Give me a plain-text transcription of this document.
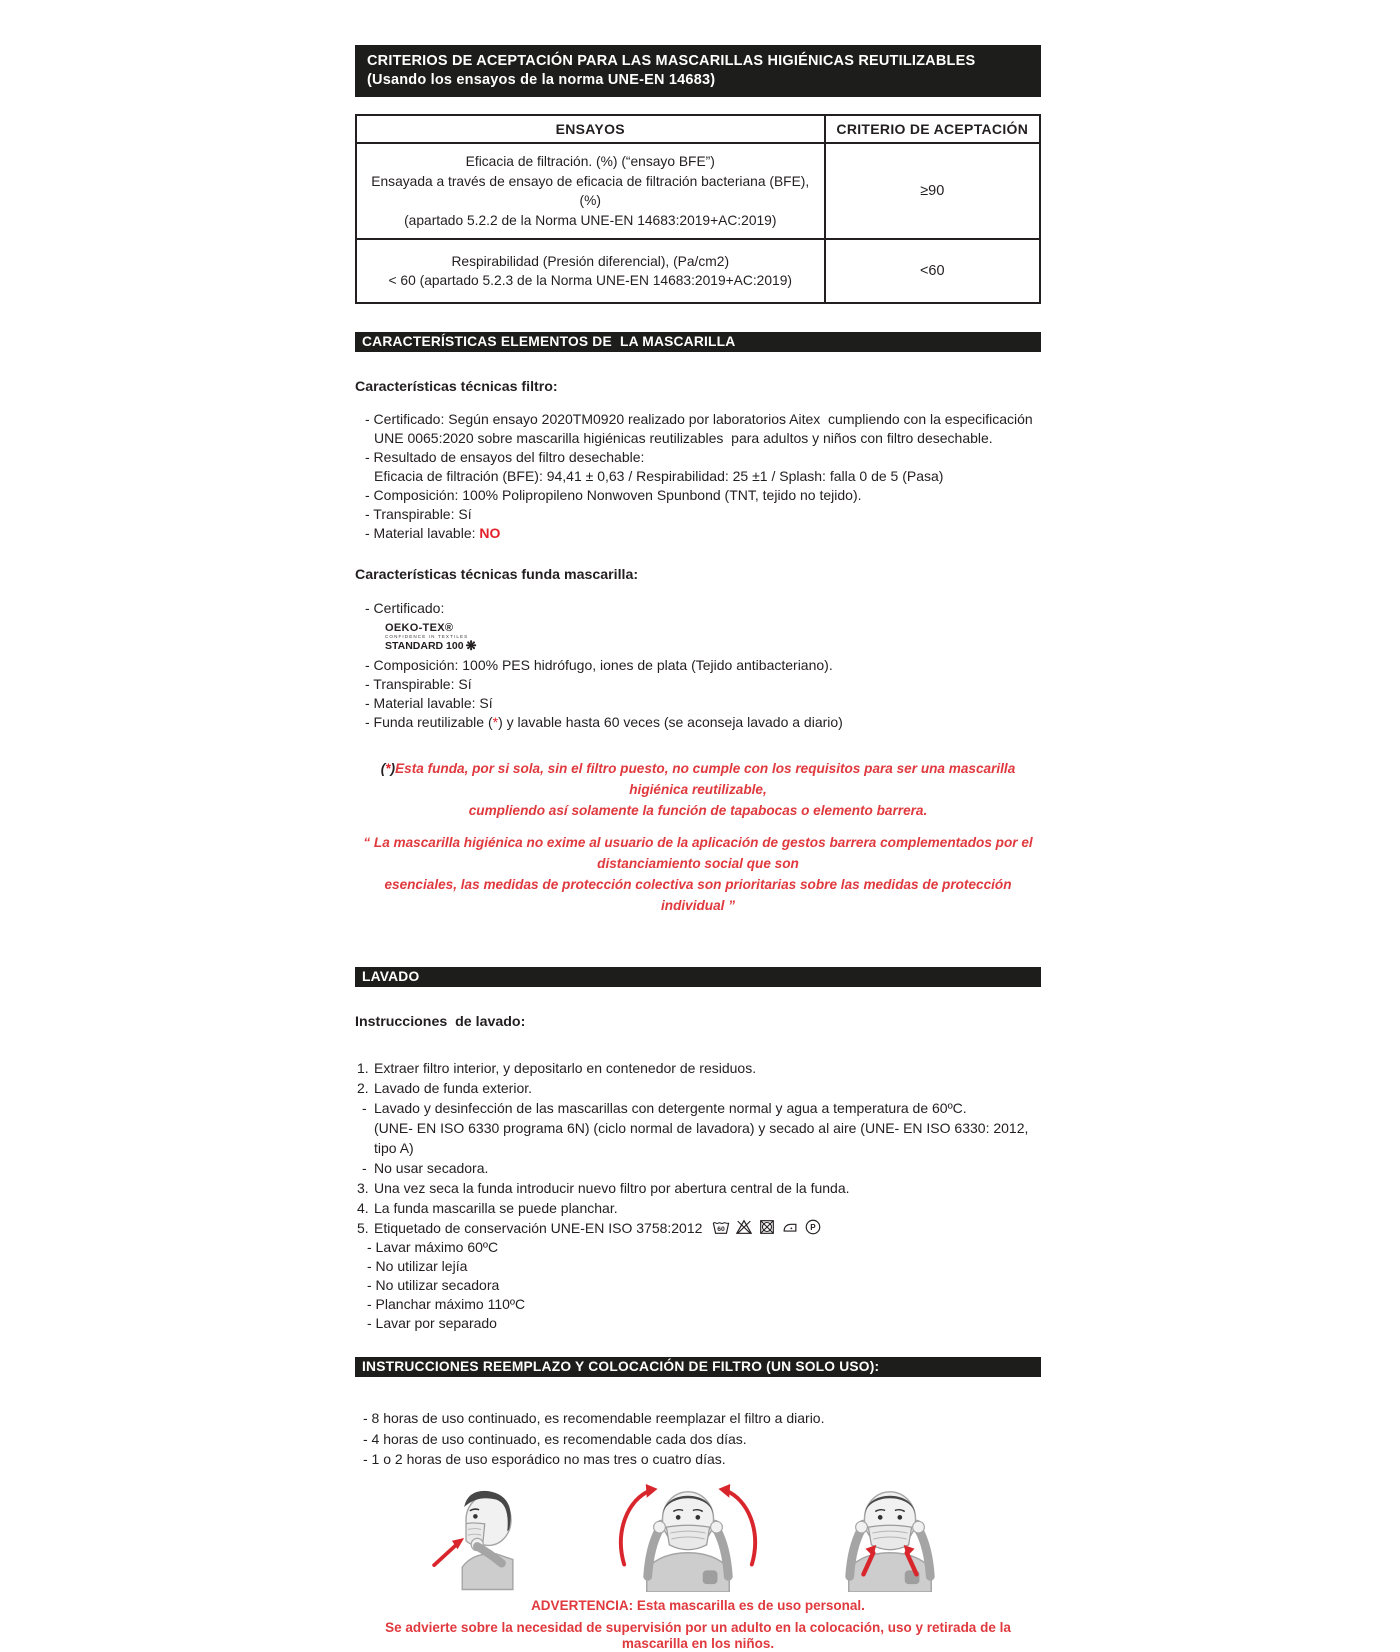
CRITERIOS DE ACEPTACIÓN PARA LAS MASCARILLAS HIGIÉNICAS REUTILIZABLES
(Usando los ensayos de la norma UNE-EN 14683)
ENSAYOS	CRITERIO DE ACEPTACIÓN

Eficacia de filtración. (%) (“ensayo BFE”)
Ensayada a través de ensayo de eficacia de filtración bacteriana (BFE), (%)
(apartado 5.2.2 de la Norma UNE-EN 14683:2019+AC:2019)	≥90

Respirabilidad (Presión diferencial), (Pa/cm2)
< 60 (apartado 5.2.3 de la Norma UNE-EN 14683:2019+AC:2019)	<60
CARACTERÍSTICAS ELEMENTOS DE  LA MASCARILLA
Características técnicas filtro:
- Certificado: Según ensayo 2020TM0920 realizado por laboratorios Aitex  cumpliendo con la especificación
UNE 0065:2020 sobre mascarilla higiénicas reutilizables  para adultos y niños con filtro desechable.
- Resultado de ensayos del filtro desechable:
Eficacia de filtración (BFE): 94,41 ± 0,63 / Respirabilidad: 25 ±1 / Splash: falla 0 de 5 (Pasa)
- Composición: 100% Polipropileno Nonwoven Spunbond (TNT, tejido no tejido).
- Transpirable: Sí
- Material lavable: NO
Características técnicas funda mascarilla:
- Certificado:
OEKO-TEX®
CONFIDENCE IN TEXTILES
STANDARD 100 ❋
- Composición: 100% PES hidrófugo, iones de plata (Tejido antibacteriano).
- Transpirable: Sí
- Material lavable: Sí
- Funda reutilizable (*) y lavable hasta 60 veces (se aconseja lavado a diario)
(*)Esta funda, por si sola, sin el filtro puesto, no cumple con los requisitos para ser una mascarilla higiénica reutilizable,
cumpliendo así solamente la función de tapabocas o elemento barrera.
“ La mascarilla higiénica no exime al usuario de la aplicación de gestos barrera complementados por el distanciamiento social que son
esenciales, las medidas de protección colectiva son prioritarias sobre las medidas de protección individual ”
LAVADO
Instrucciones  de lavado:
1. Extraer filtro interior, y depositarlo en contenedor de residuos.
2. Lavado de funda exterior.
- Lavado y desinfección de las mascarillas con detergente normal y agua a temperatura de 60ºC.
(UNE- EN ISO 6330 programa 6N) (ciclo normal de lavadora) y secado al aire (UNE- EN ISO 6330: 2012, tipo A)
- No usar secadora.
3. Una vez seca la funda introducir nuevo filtro por abertura central de la funda.
4. La funda mascarilla se puede planchar.
5. Etiquetado de conservación UNE-EN ISO 3758:2012 60	P
- Lavar máximo 60ºC
- No utilizar lejía
- No utilizar secadora
- Planchar máximo 110ºC
- Lavar por separado
INSTRUCCIONES REEMPLAZO Y COLOCACIÓN DE FILTRO (UN SOLO USO):
- 8 horas de uso continuado, es recomendable reemplazar el filtro a diario.
- 4 horas de uso continuado, es recomendable cada dos días.
- 1 o 2 horas de uso esporádico no mas tres o cuatro días.
ADVERTENCIA: Esta mascarilla es de uso personal.
Se advierte sobre la necesidad de supervisión por un adulto en la colocación, uso y retirada de la mascarilla en los niños.
